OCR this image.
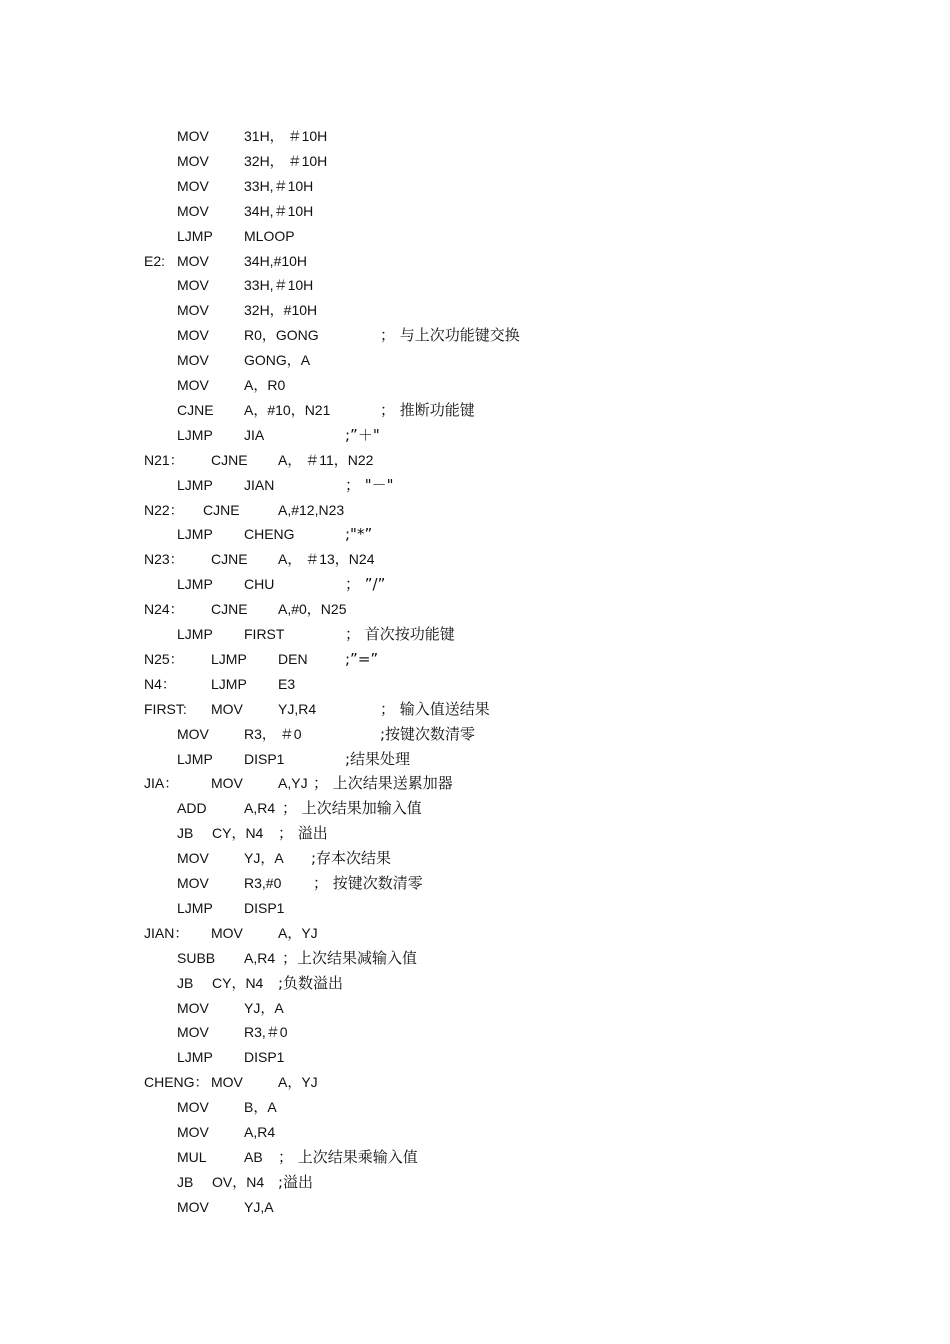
MOV	31H， ＃10H
MOV	32H， ＃10H
MOV	33H,＃10H
MOV	34H,＃10H
LJMP MLOOP
E2: MOV	34H,#10H
MOV	33H,＃10H
MOV	32H，#10H
MOV	R0，GONG	； 与上次功能键交换
MOV	GONG，A
MOV	A，R0
CJNE A，#10，N21	； 推断功能键
LJMP JIA	;”＋"
N21： CJNE A， ＃11，N22
LJMP JIAN	； "－"
N22： CJNE	A,#12,N23
LJMP CHENG	;"*”
N23： CJNE A， ＃13，N24
LJMP CHU	； ”/”
N24： CJNE A,#0，N25
LJMP FIRST	； 首次按功能键
N25： LJMP DEN ;”=”
N4：	LJMP E3
FIRST: MOV	YJ,R4	； 输入值送结果
MOV	R3， ＃0	;按键次数清零
LJMP DISP1	;结果处理
JIA： MOV	A,YJ ； 上次结果送累加器
ADD	A,R4 ； 上次结果加输入值
JB CY，N4 ； 溢出
MOV	YJ，A ;存本次结果
MOV	R3,#0 ； 按键次数清零
LJMP DISP1
JIAN： MOV	A，YJ
SUBB A,R4 ；上次结果减输入值
JB CY，N4 ;负数溢出
MOV	YJ，A
MOV	R3,＃0
LJMP DISP1
CHENG： MOV	A，YJ
MOV	B，A
MOV	A,R4
MUL	AB ； 上次结果乘输入值
JB OV，N4 ;溢出
MOV	YJ,A
